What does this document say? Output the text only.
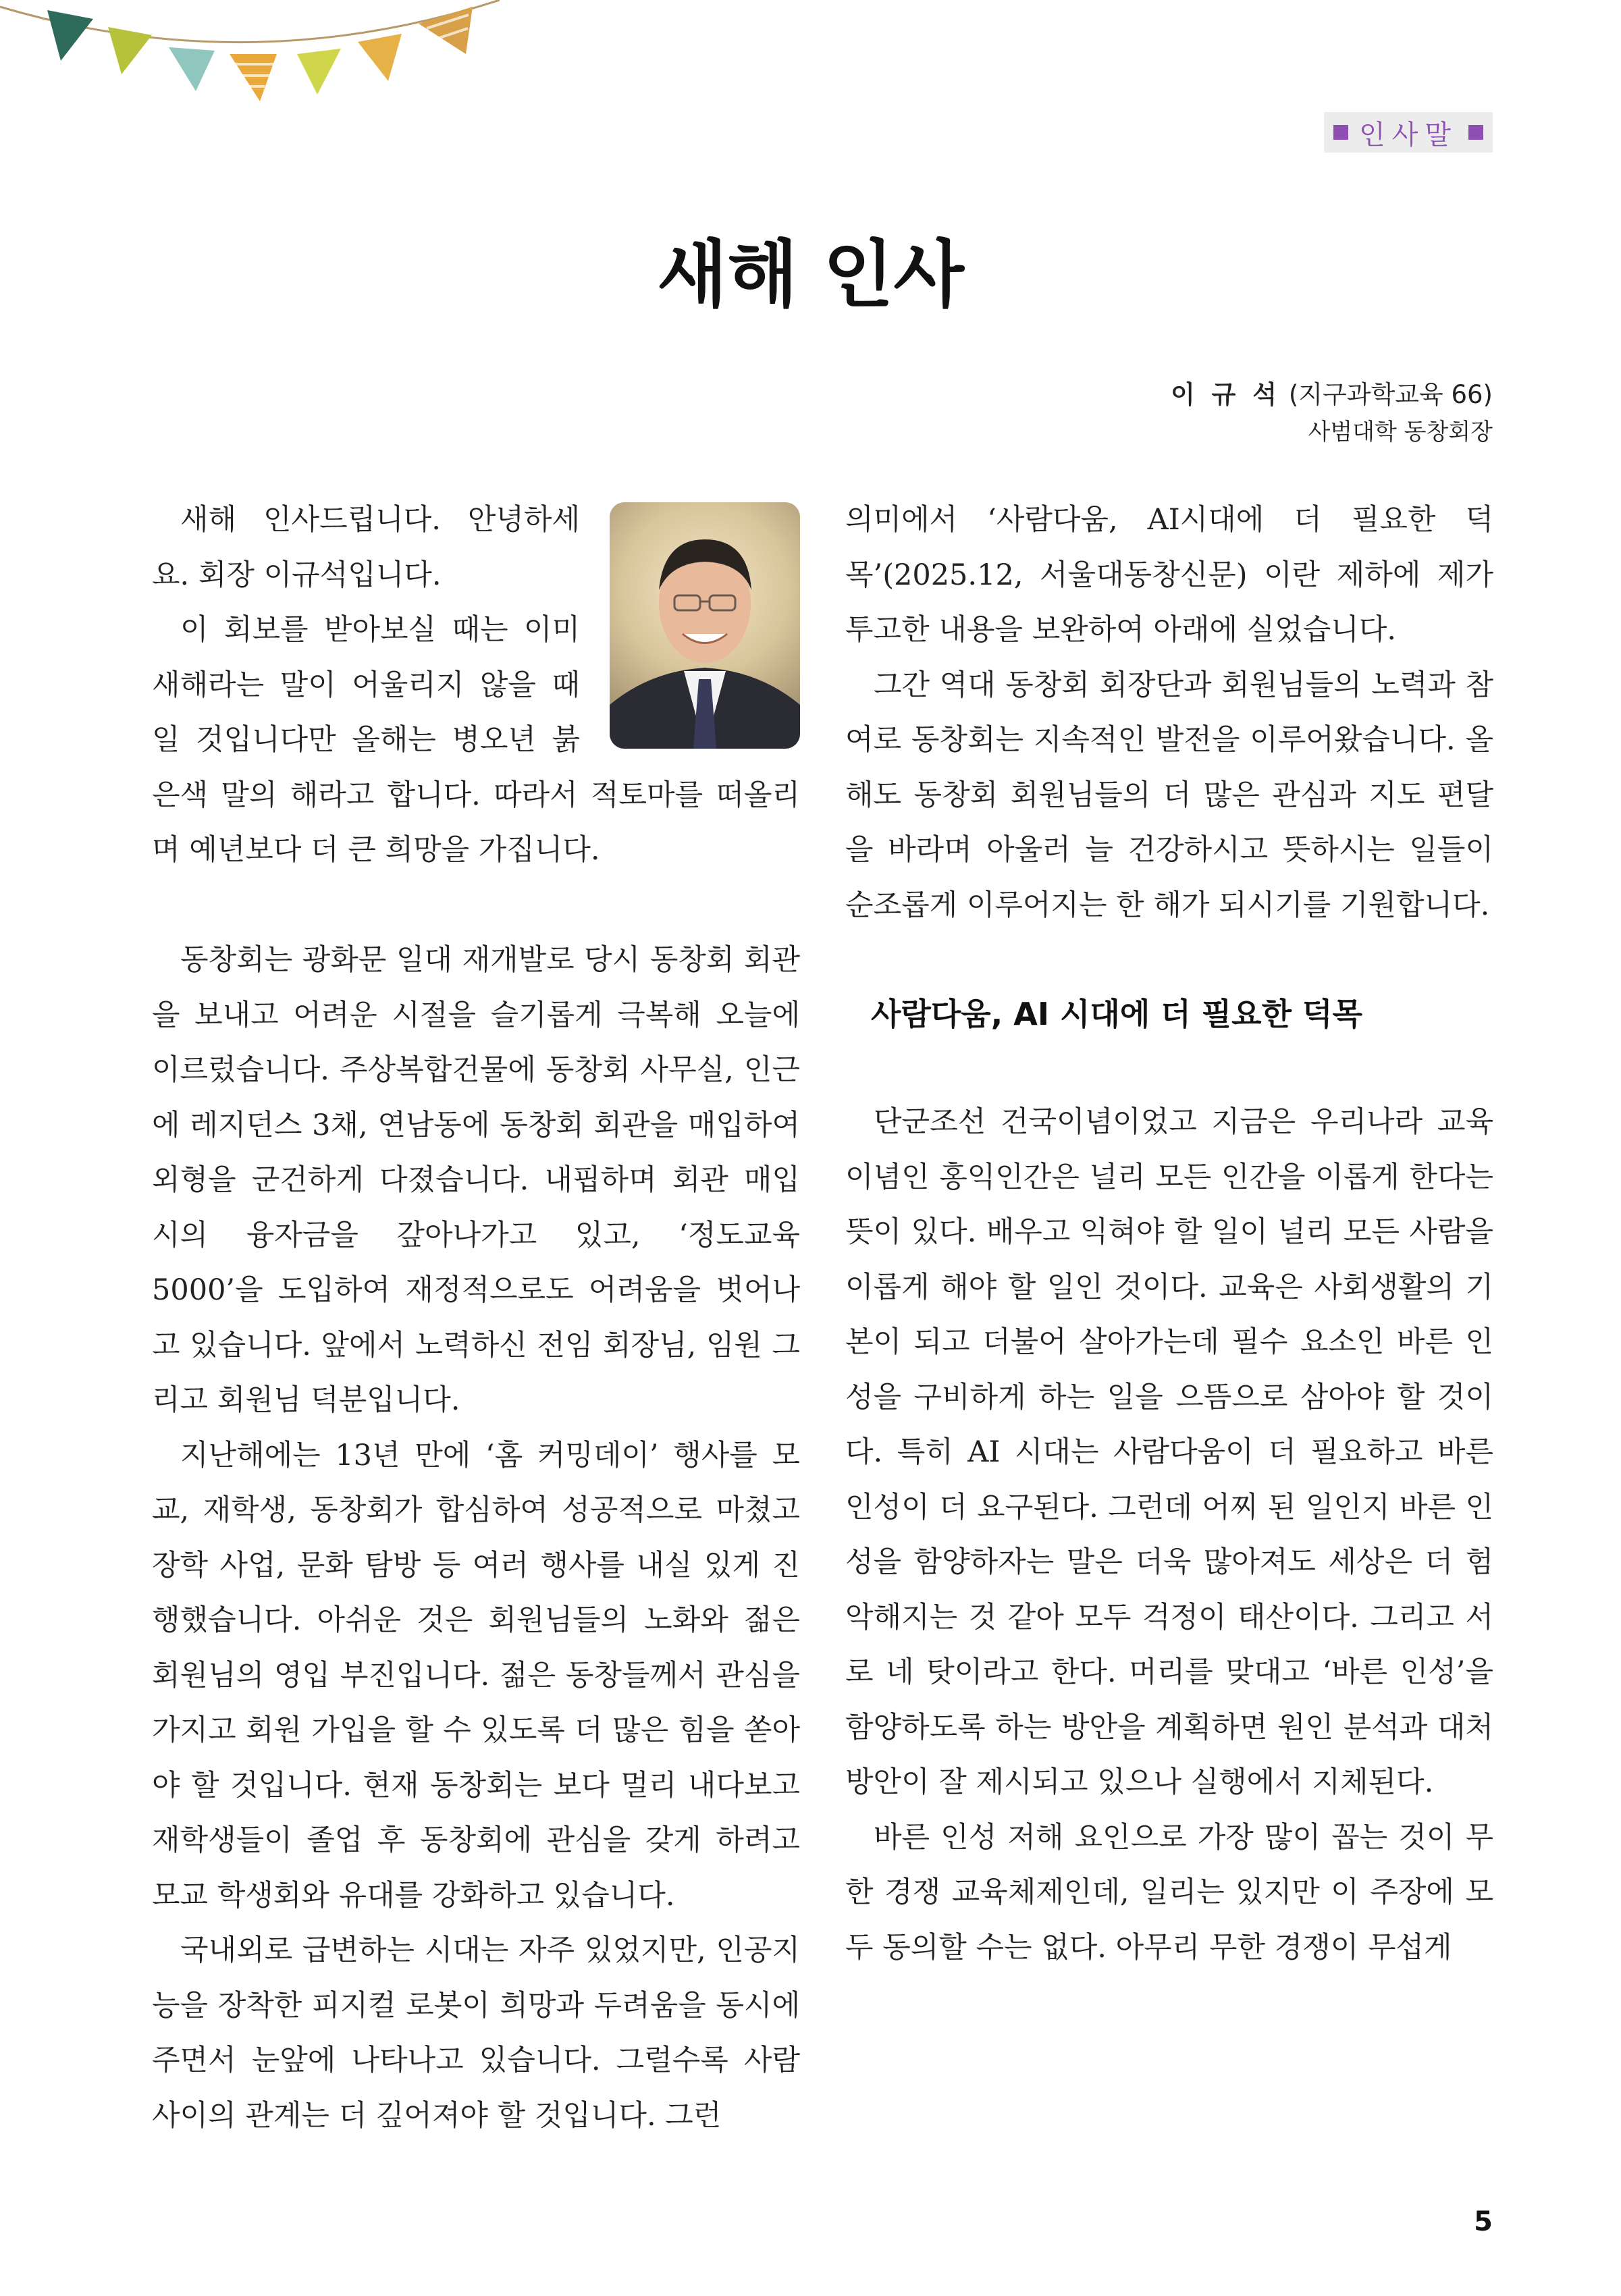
인사말
새해 인사
이 규 석 (지구과학교육 66)
사범대학 동창회장

새해 인사드립니다. 안녕하세요. 회장 이규석입니다.

이 회보를 받아보실 때는 이미 새해라는 말이 어울리지 않을 때일 것입니다만 올해는 병오년 붉은색 말의 해라고 합니다. 따라서 적토마를 떠올리며 예년보다 더 큰 희망을 가집니다.

동창회는 광화문 일대 재개발로 당시 동창회 회관을 보내고 어려운 시절을 슬기롭게 극복해 오늘에 이르렀습니다. 주상복합건물에 동창회 사무실, 인근에 레지던스 3채, 연남동에 동창회 회관을 매입하여 외형을 군건하게 다졌습니다. 내핍하며 회관 매입 시의 융자금을 갚아나가고 있고, ‘정도교육 5000’을 도입하여 재정적으로도 어려움을 벗어나고 있습니다. 앞에서 노력하신 전임 회장님, 임원 그리고 회원님 덕분입니다.

지난해에는 13년 만에 ‘홈 커밍데이’ 행사를 모교, 재학생, 동창회가 합심하여 성공적으로 마쳤고 장학 사업, 문화 탐방 등 여러 행사를 내실 있게 진행했습니다. 아쉬운 것은 회원님들의 노화와 젊은 회원님의 영입 부진입니다. 젊은 동창들께서 관심을 가지고 회원 가입을 할 수 있도록 더 많은 힘을 쏟아야 할 것입니다. 현재 동창회는 보다 멀리 내다보고 재학생들이 졸업 후 동창회에 관심을 갖게 하려고 모교 학생회와 유대를 강화하고 있습니다.

국내외로 급변하는 시대는 자주 있었지만, 인공지능을 장착한 피지컬 로봇이 희망과 두려움을 동시에 주면서 눈앞에 나타나고 있습니다. 그럴수록 사람 사이의 관계는 더 깊어져야 할 것입니다. 그런

의미에서 ‘사람다움, AI시대에 더 필요한 덕목’(2025.12, 서울대동창신문) 이란 제하에 제가 투고한 내용을 보완하여 아래에 실었습니다.

그간 역대 동창회 회장단과 회원님들의 노력과 참여로 동창회는 지속적인 발전을 이루어왔습니다. 올해도 동창회 회원님들의 더 많은 관심과 지도 편달을 바라며 아울러 늘 건강하시고 뜻하시는 일들이 순조롭게 이루어지는 한 해가 되시기를 기원합니다.

사람다움, AI 시대에 더 필요한 덕목

단군조선 건국이념이었고 지금은 우리나라 교육이념인 홍익인간은 널리 모든 인간을 이롭게 한다는 뜻이 있다. 배우고 익혀야 할 일이 널리 모든 사람을 이롭게 해야 할 일인 것이다. 교육은 사회생활의 기본이 되고 더불어 살아가는데 필수 요소인 바른 인성을 구비하게 하는 일을 으뜸으로 삼아야 할 것이다. 특히 AI 시대는 사람다움이 더 필요하고 바른 인성이 더 요구된다. 그런데 어찌 된 일인지 바른 인성을 함양하자는 말은 더욱 많아져도 세상은 더 험악해지는 것 같아 모두 걱정이 태산이다. 그리고 서로 네 탓이라고 한다. 머리를 맞대고 ‘바른 인성’을 함양하도록 하는 방안을 계획하면 원인 분석과 대처 방안이 잘 제시되고 있으나 실행에서 지체된다.

바른 인성 저해 요인으로 가장 많이 꼽는 것이 무한 경쟁 교육체제인데, 일리는 있지만 이 주장에 모두 동의할 수는 없다. 아무리 무한 경쟁이 무섭게

5
